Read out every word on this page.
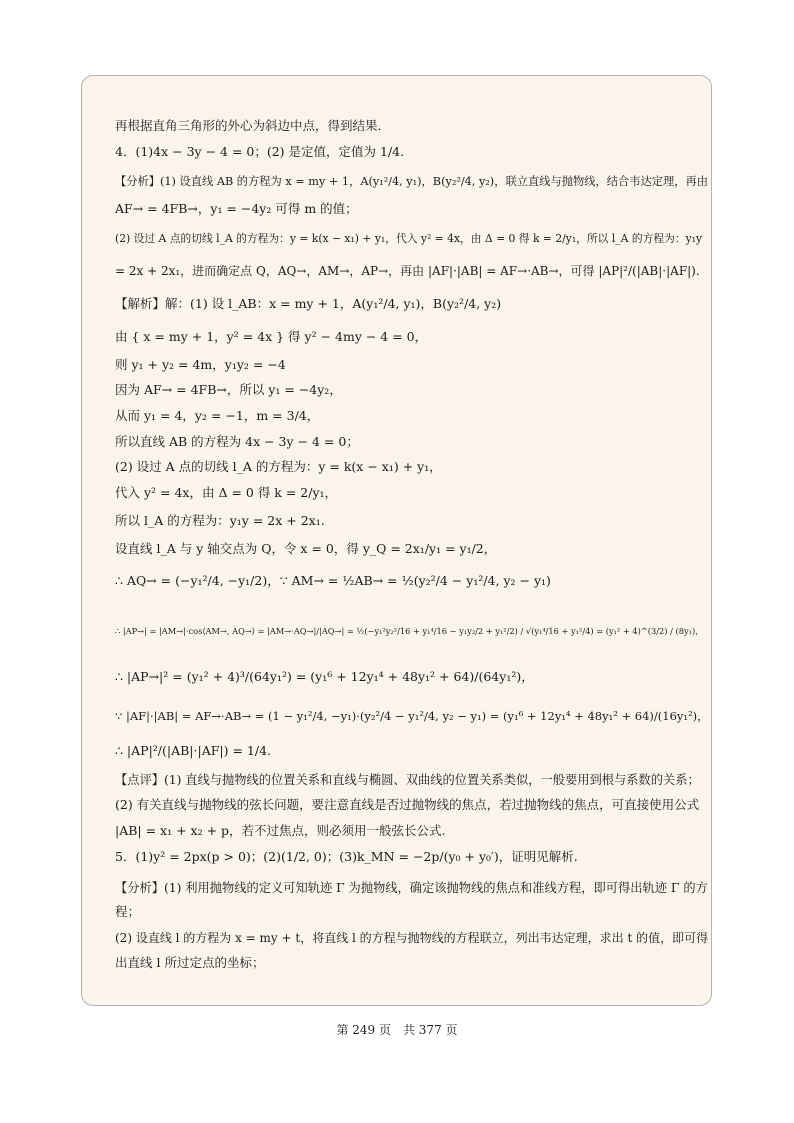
再根据直角三角形的外心为斜边中点，得到结果．
4．(1)4x − 3y − 4 = 0；(2) 是定值，定值为 1/4.
【分析】(1) 设直线 AB 的方程为 x = my + 1，A(y₁²/4, y₁)，B(y₂²/4, y₂)，联立直线与抛物线，结合韦达定理，再由
AF→ = 4FB→，y₁ = −4y₂ 可得 m 的值；
(2) 设过 A 点的切线 l_A 的方程为：y = k(x − x₁) + y₁，代入 y² = 4x，由 Δ = 0 得 k = 2/y₁，所以 l_A 的方程为：y₁y
= 2x + 2x₁，进而确定点 Q，AQ→，AM→，AP→，再由 |AF|·|AB| = AF→·AB→，可得 |AP|²/(|AB|·|AF|).
【解析】解：(1) 设 l_AB：x = my + 1，A(y₁²/4, y₁)，B(y₂²/4, y₂)
由 { x = my + 1，y² = 4x } 得 y² − 4my − 4 = 0，
则 y₁ + y₂ = 4m，y₁y₂ = −4
因为 AF→ = 4FB→，所以 y₁ = −4y₂，
从而 y₁ = 4，y₂ = −1，m = 3/4，
所以直线 AB 的方程为 4x − 3y − 4 = 0；
(2) 设过 A 点的切线 l_A 的方程为：y = k(x − x₁) + y₁，
代入 y² = 4x，由 Δ = 0 得 k = 2/y₁，
所以 l_A 的方程为：y₁y = 2x + 2x₁.
设直线 l_A 与 y 轴交点为 Q，令 x = 0，得 y_Q = 2x₁/y₁ = y₁/2，
∴ AQ→ = (−y₁²/4, −y₁/2)，∵ AM→ = ½AB→ = ½(y₂²/4 − y₁²/4, y₂ − y₁)
∴ |AP→| = |AM→|·cos⟨AM→, AQ→⟩ = |AM→·AQ→|/|AQ→| = ½(−y₁²y₂²/16 + y₁⁴/16 − y₁y₂/2 + y₁²/2) / √(y₁⁴/16 + y₁²/4) = (y₁² + 4)^(3/2) / (8y₁)，
∴ |AP→|² = (y₁² + 4)³/(64y₁²) = (y₁⁶ + 12y₁⁴ + 48y₁² + 64)/(64y₁²)，
∵ |AF|·|AB| = AF→·AB→ = (1 − y₁²/4, −y₁)·(y₂²/4 − y₁²/4, y₂ − y₁) = (y₁⁶ + 12y₁⁴ + 48y₁² + 64)/(16y₁²)，
∴ |AP|²/(|AB|·|AF|) = 1/4.
【点评】(1) 直线与抛物线的位置关系和直线与椭圆、双曲线的位置关系类似，一般要用到根与系数的关系；
(2) 有关直线与抛物线的弦长问题，要注意直线是否过抛物线的焦点，若过抛物线的焦点，可直接使用公式
|AB| = x₁ + x₂ + p，若不过焦点，则必须用一般弦长公式.
5．(1)y² = 2px(p > 0)；(2)(1/2, 0)；(3)k_MN = −2p/(y₀ + y₀′)，证明见解析.
【分析】(1) 利用抛物线的定义可知轨迹 Γ 为抛物线，确定该抛物线的焦点和准线方程，即可得出轨迹 Γ 的方
程；
(2) 设直线 l 的方程为 x = my + t，将直线 l 的方程与抛物线的方程联立，列出韦达定理，求出 t 的值，即可得
出直线 l 所过定点的坐标；
第 249 页　共 377 页
